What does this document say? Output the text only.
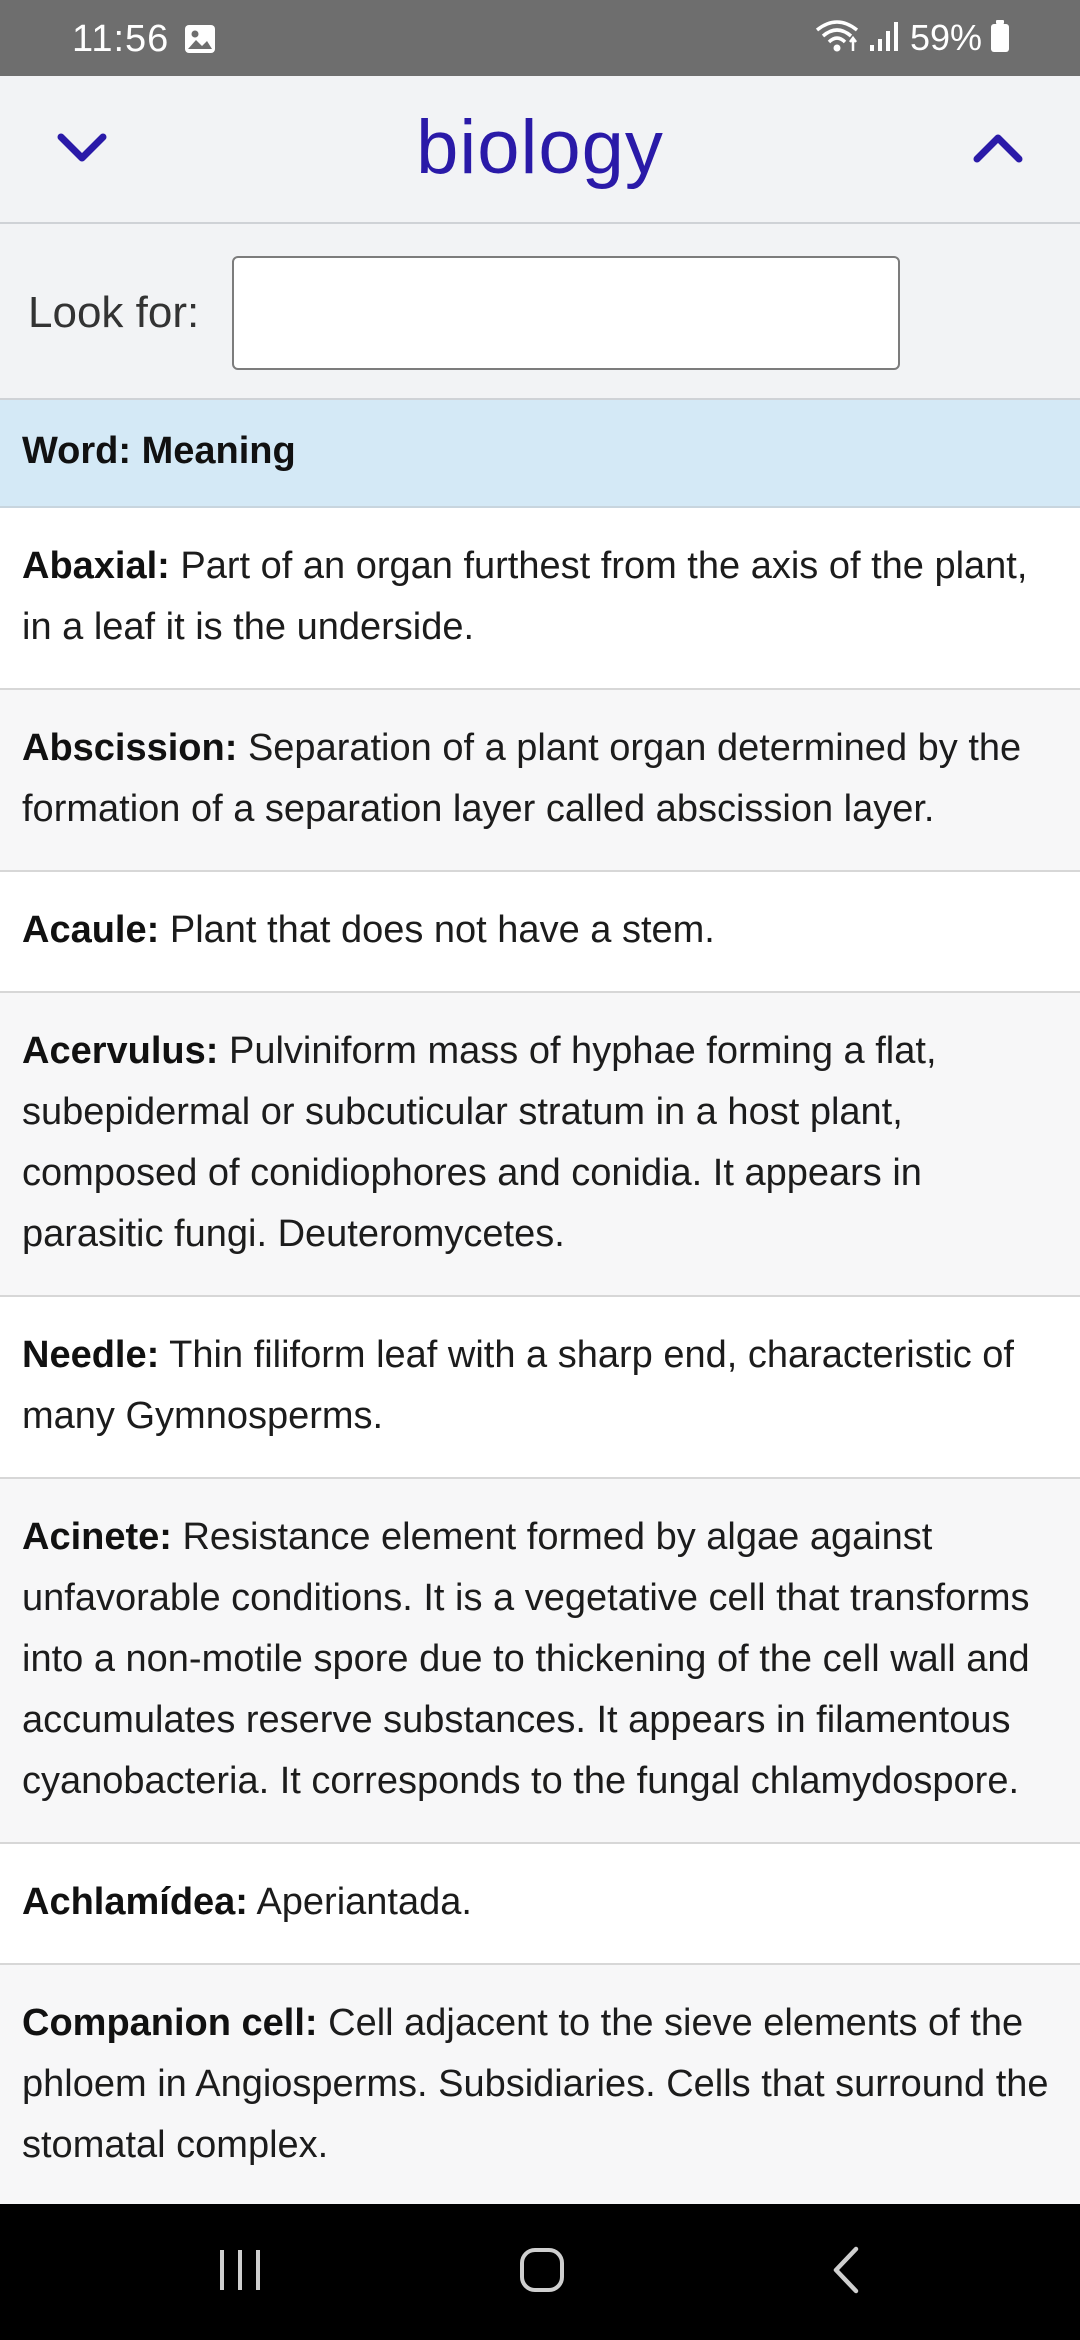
11:56	59%
biology
Look for:
Word: Meaning
Abaxial: Part of an organ furthest from the axis of the plant, in a leaf it is the underside.
Abscission: Separation of a plant organ determined by the formation of a separation layer called abscission layer.
Acaule: Plant that does not have a stem.
Acervulus: Pulviniform mass of hyphae forming a flat, subepidermal or subcuticular stratum in a host plant, composed of conidiophores and conidia. It appears in parasitic fungi. Deuteromycetes.
Needle: Thin filiform leaf with a sharp end, characteristic of many Gymnosperms.
Acinete: Resistance element formed by algae against unfavorable conditions. It is a vegetative cell that transforms into a non-motile spore due to thickening of the cell wall and accumulates reserve substances. It appears in filamentous cyanobacteria. It corresponds to the fungal chlamydospore.
Achlamídea: Aperiantada.
Companion cell: Cell adjacent to the sieve elements of the phloem in Angiosperms. Subsidiaries. Cells that surround the stomatal complex.
